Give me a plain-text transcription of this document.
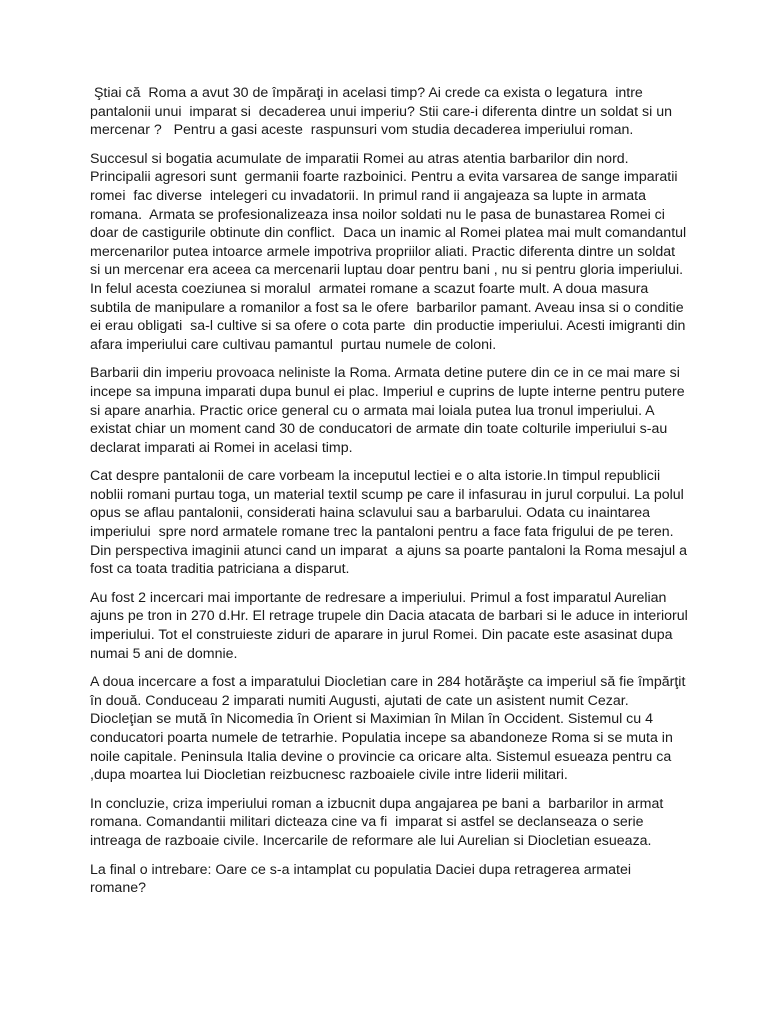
Ştiai că  Roma a avut 30 de împăraţi in acelasi timp? Ai crede ca exista o legatura  intre pantalonii unui  imparat si  decaderea unui imperiu? Stii care-i diferenta dintre un soldat si un mercenar ?   Pentru a gasi aceste  raspunsuri vom studia decaderea imperiului roman.

Succesul si bogatia acumulate de imparatii Romei au atras atentia barbarilor din nord. Principalii agresori sunt  germanii foarte razboinici. Pentru a evita varsarea de sange imparatii romei  fac diverse  intelegeri cu invadatorii. In primul rand ii angajeaza sa lupte in armata romana.  Armata se profesionalizeaza insa noilor soldati nu le pasa de bunastarea Romei ci doar de castigurile obtinute din conflict.  Daca un inamic al Romei platea mai mult comandantul  mercenarilor putea intoarce armele impotriva propriilor aliati. Practic diferenta dintre un soldat si un mercenar era aceea ca mercenarii luptau doar pentru bani , nu si pentru gloria imperiului. In felul acesta coeziunea si moralul  armatei romane a scazut foarte mult. A doua masura subtila de manipulare a romanilor a fost sa le ofere  barbarilor pamant. Aveau insa si o conditie ei erau obligati  sa-l cultive si sa ofere o cota parte  din productie imperiului. Acesti imigranti din afara imperiului care cultivau pamantul  purtau numele de coloni.

Barbarii din imperiu provoaca neliniste la Roma. Armata detine putere din ce in ce mai mare si incepe sa impuna imparati dupa bunul ei plac. Imperiul e cuprins de lupte interne pentru putere si apare anarhia. Practic orice general cu o armata mai loiala putea lua tronul imperiului. A existat chiar un moment cand 30 de conducatori de armate din toate colturile imperiului s-au declarat imparati ai Romei in acelasi timp.

Cat despre pantalonii de care vorbeam la inceputul lectiei e o alta istorie.In timpul republicii noblii romani purtau toga, un material textil scump pe care il infasurau in jurul corpului. La polul opus se aflau pantalonii, considerati haina sclavului sau a barbarului. Odata cu inaintarea imperiului  spre nord armatele romane trec la pantaloni pentru a face fata frigului de pe teren. Din perspectiva imaginii atunci cand un imparat  a ajuns sa poarte pantaloni la Roma mesajul a fost ca toata traditia patriciana a disparut.

Au fost 2 incercari mai importante de redresare a imperiului. Primul a fost imparatul Aurelian ajuns pe tron in 270 d.Hr. El retrage trupele din Dacia atacata de barbari si le aduce in interiorul imperiului. Tot el construieste ziduri de aparare in jurul Romei. Din pacate este asasinat dupa numai 5 ani de domnie.

A doua incercare a fost a imparatului Diocletian care in 284 hotărăşte ca imperiul să fie împărţit în două. Conduceau 2 imparati numiti Augusti, ajutati de cate un asistent numit Cezar. Diocleţian se mută în Nicomedia în Orient si Maximian în Milan în Occident. Sistemul cu 4 conducatori poarta numele de tetrarhie. Populatia incepe sa abandoneze Roma si se muta in noile capitale. Peninsula Italia devine o provincie ca oricare alta. Sistemul esueaza pentru ca ,dupa moartea lui Diocletian reizbucnesc razboaiele civile intre liderii militari.

In concluzie, criza imperiului roman a izbucnit dupa angajarea pe bani a  barbarilor in armat romana. Comandantii militari dicteaza cine va fi  imparat si astfel se declanseaza o serie intreaga de razboaie civile. Incercarile de reformare ale lui Aurelian si Diocletian esueaza.

La final o intrebare: Oare ce s-a intamplat cu populatia Daciei dupa retragerea armatei romane?
